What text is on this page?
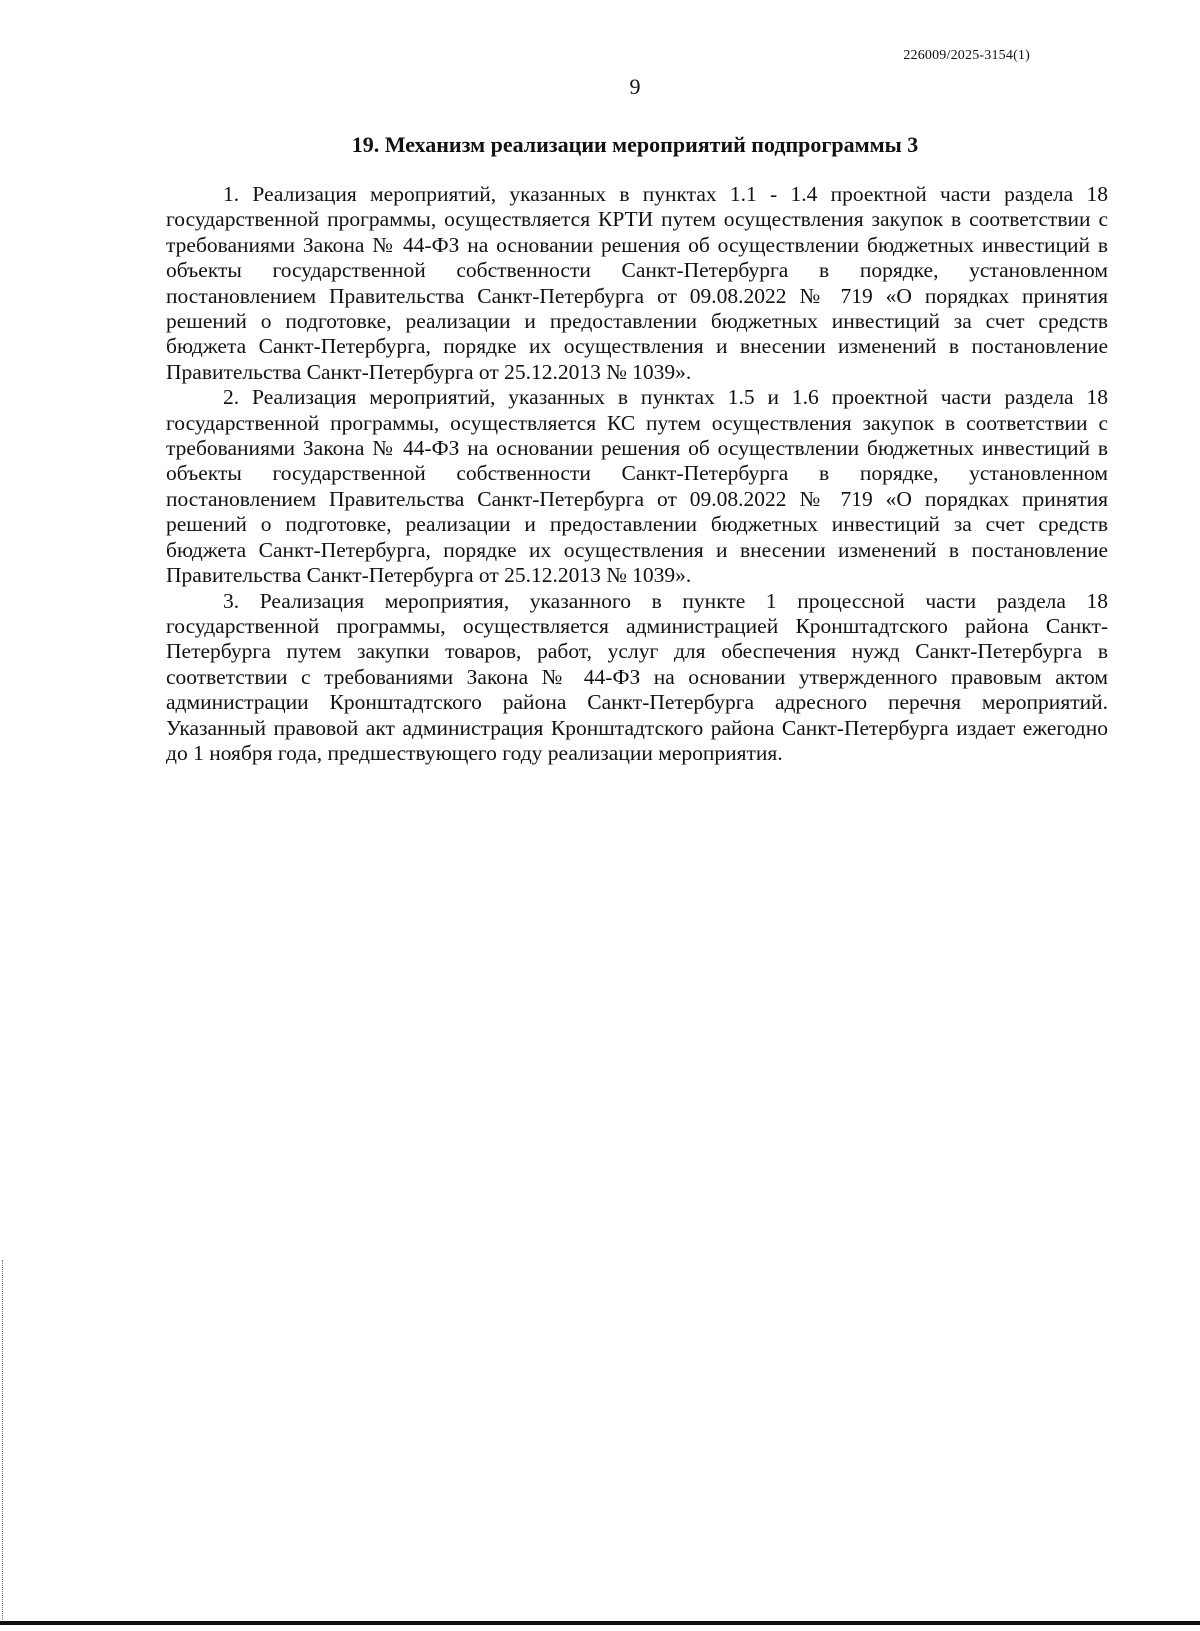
226009/2025-3154(1)
9
19. Механизм реализации мероприятий подпрограммы 3

1. Реализация мероприятий, указанных в пунктах 1.1 - 1.4 проектной части раздела 18 государственной программы, осуществляется КРТИ путем осуществления закупок в соответствии с требованиями Закона № 44-ФЗ на основании решения об осуществлении бюджетных инвестиций в объекты государственной собственности Санкт-Петербурга в порядке, установленном постановлением Правительства Санкт-Петербурга от 09.08.2022 № 719 «О порядках принятия решений о подготовке, реализации и предоставлении бюджетных инвестиций за счет средств бюджета Санкт-Петербурга, порядке их осуществления и внесении изменений в постановление Правительства Санкт-Петербурга от 25.12.2013 № 1039».

2. Реализация мероприятий, указанных в пунктах 1.5 и 1.6 проектной части раздела 18 государственной программы, осуществляется КС путем осуществления закупок в соответствии с требованиями Закона № 44-ФЗ на основании решения об осуществлении бюджетных инвестиций в объекты государственной собственности Санкт-Петербурга в порядке, установленном постановлением Правительства Санкт-Петербурга от 09.08.2022 № 719 «О порядках принятия решений о подготовке, реализации и предоставлении бюджетных инвестиций за счет средств бюджета Санкт-Петербурга, порядке их осуществления и внесении изменений в постановление Правительства Санкт-Петербурга от 25.12.2013 № 1039».

3. Реализация мероприятия, указанного в пункте 1 процессной части раздела 18 государственной программы, осуществляется администрацией Кронштадтского района Санкт-Петербурга путем закупки товаров, работ, услуг для обеспечения нужд Санкт-Петербурга в соответствии с требованиями Закона № 44-ФЗ на основании утвержденного правовым актом администрации Кронштадтского района Санкт-Петербурга адресного перечня мероприятий. Указанный правовой акт администрация Кронштадтского района Санкт-Петербурга издает ежегодно до 1 ноября года, предшествующего году реализации мероприятия.
